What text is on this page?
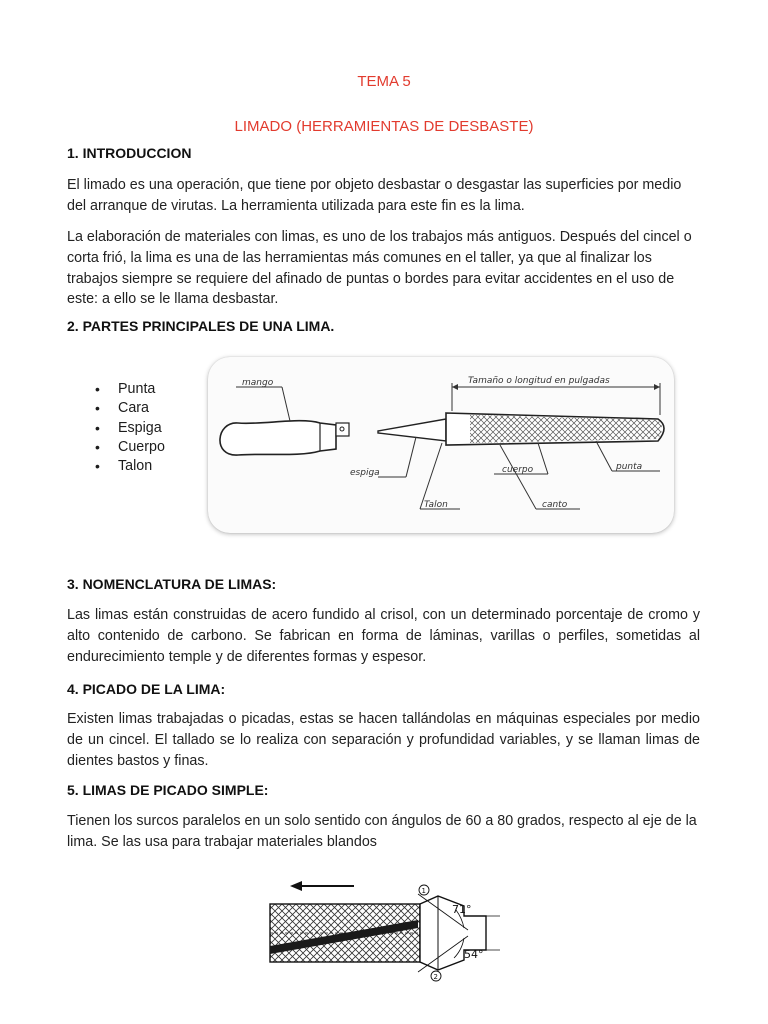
TEMA 5
LIMADO (HERRAMIENTAS DE DESBASTE)
1. INTRODUCCION
El limado es una operación, que tiene por objeto desbastar o desgastar las superficies por medio del arranque de virutas. La herramienta utilizada para este fin es la lima.
La elaboración de materiales con limas, es uno de los trabajos más antiguos. Después del cincel o corta frió, la lima es una de las herramientas más comunes en el taller, ya que al finalizar los trabajos siempre se requiere del afinado de puntas o bordes para evitar accidentes en el uso de este: a ello se le llama desbastar.
2. PARTES PRINCIPALES DE UNA LIMA.
• Punta
• Cara
• Espiga
• Cuerpo
• Talon
mango	Tamaño o longitud en pulgadas
espiga	cuerpo	punta
Talon	canto
3. NOMENCLATURA DE LIMAS:
Las limas están construidas de acero fundido al crisol, con un determinado porcentaje de cromo y alto contenido de carbono. Se fabrican en forma de láminas, varillas o perfiles, sometidas al endurecimiento temple y de diferentes formas y espesor.
4. PICADO DE LA LIMA:
Existen limas trabajadas o picadas, estas se hacen tallándolas en máquinas especiales por medio de un cincel. El tallado se lo realiza con separación y profundidad variables, y se llaman limas de dientes bastos y finas.
5. LIMAS DE PICADO SIMPLE:
Tienen los surcos paralelos en un solo sentido con ángulos de 60 a 80 grados, respecto al eje de la lima. Se las usa para trabajar materiales blandos
1
2
71°
54°
